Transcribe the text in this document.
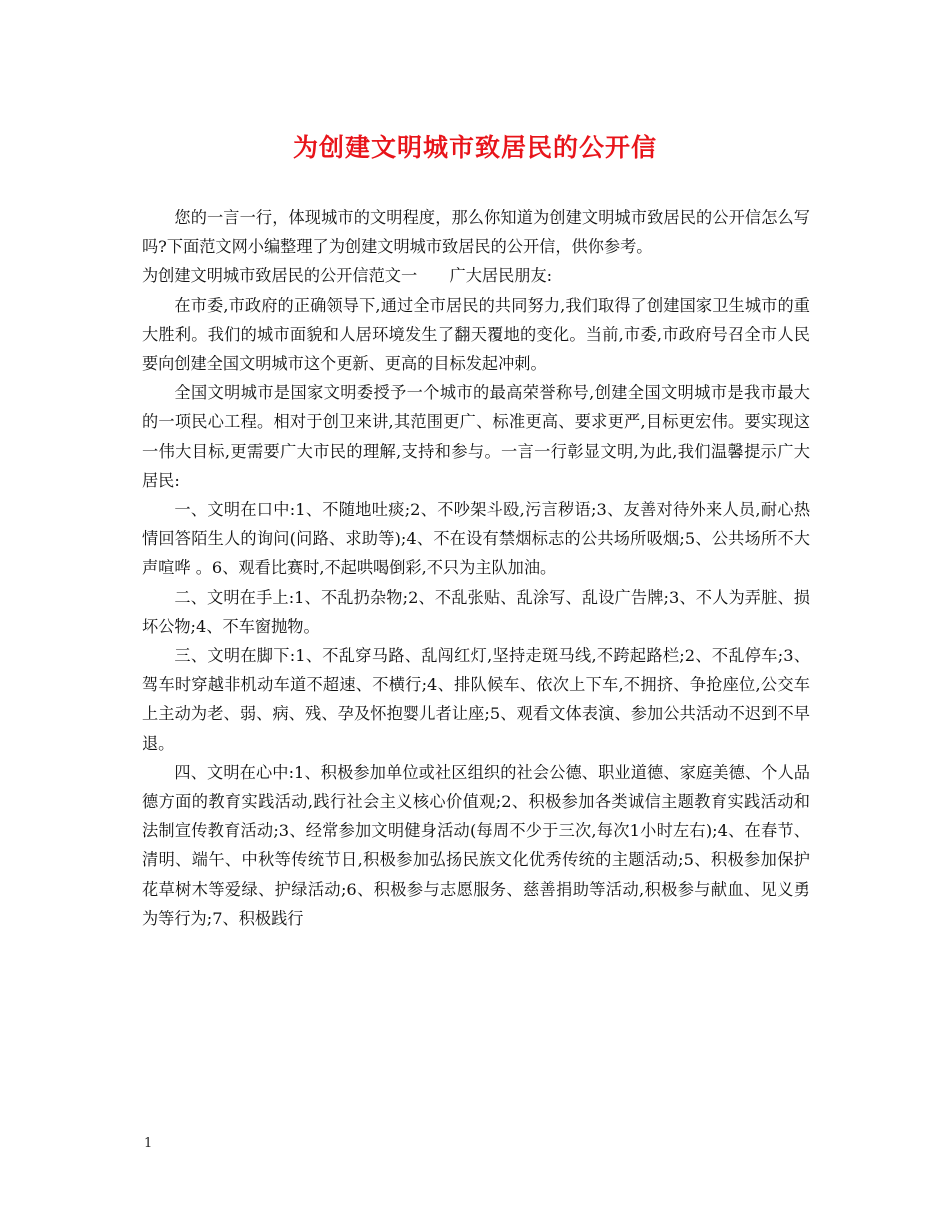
为创建文明城市致居民的公开信

您的一言一行，体现城市的文明程度，那么你知道为创建文明城市致居民的公开信怎么写吗?下面范文网小编整理了为创建文明城市致居民的公开信，供你参考。

为创建文明城市致居民的公开信范文一　　广大居民朋友:

在市委,市政府的正确领导下,通过全市居民的共同努力,我们取得了创建国家卫生城市的重大胜利。我们的城市面貌和人居环境发生了翻天覆地的变化。当前,市委,市政府号召全市人民要向创建全国文明城市这个更新、更高的目标发起冲刺。

全国文明城市是国家文明委授予一个城市的最高荣誉称号,创建全国文明城市是我市最大的一项民心工程。相对于创卫来讲,其范围更广、标准更高、要求更严,目标更宏伟。要实现这一伟大目标,更需要广大市民的理解,支持和参与。一言一行彰显文明,为此,我们温馨提示广大居民:

一、文明在口中:1、不随地吐痰;2、不吵架斗殴,污言秽语;3、友善对待外来人员,耐心热情回答陌生人的询问(问路、求助等);4、不在设有禁烟标志的公共场所吸烟;5、公共场所不大声喧哗 。6、观看比赛时,不起哄喝倒彩,不只为主队加油。

二、文明在手上:1、不乱扔杂物;2、不乱张贴、乱涂写、乱设广告牌;3、不人为弄脏、损坏公物;4、不车窗抛物。

三、文明在脚下:1、不乱穿马路、乱闯红灯,坚持走斑马线,不跨起路栏;2、不乱停车;3、驾车时穿越非机动车道不超速、不横行;4、排队候车、依次上下车,不拥挤、争抢座位,公交车上主动为老、弱、病、残、孕及怀抱婴儿者让座;5、观看文体表演、参加公共活动不迟到不早退。

四、文明在心中:1、积极参加单位或社区组织的社会公德、职业道德、家庭美德、个人品德方面的教育实践活动,践行社会主义核心价值观;2、积极参加各类诚信主题教育实践活动和法制宣传教育活动;3、经常参加文明健身活动(每周不少于三次,每次1小时左右);4、在春节、清明、端午、中秋等传统节日,积极参加弘扬民族文化优秀传统的主题活动;5、积极参加保护花草树木等爱绿、护绿活动;6、积极参与志愿服务、慈善捐助等活动,积极参与献血、见义勇为等行为;7、积极践行

1
